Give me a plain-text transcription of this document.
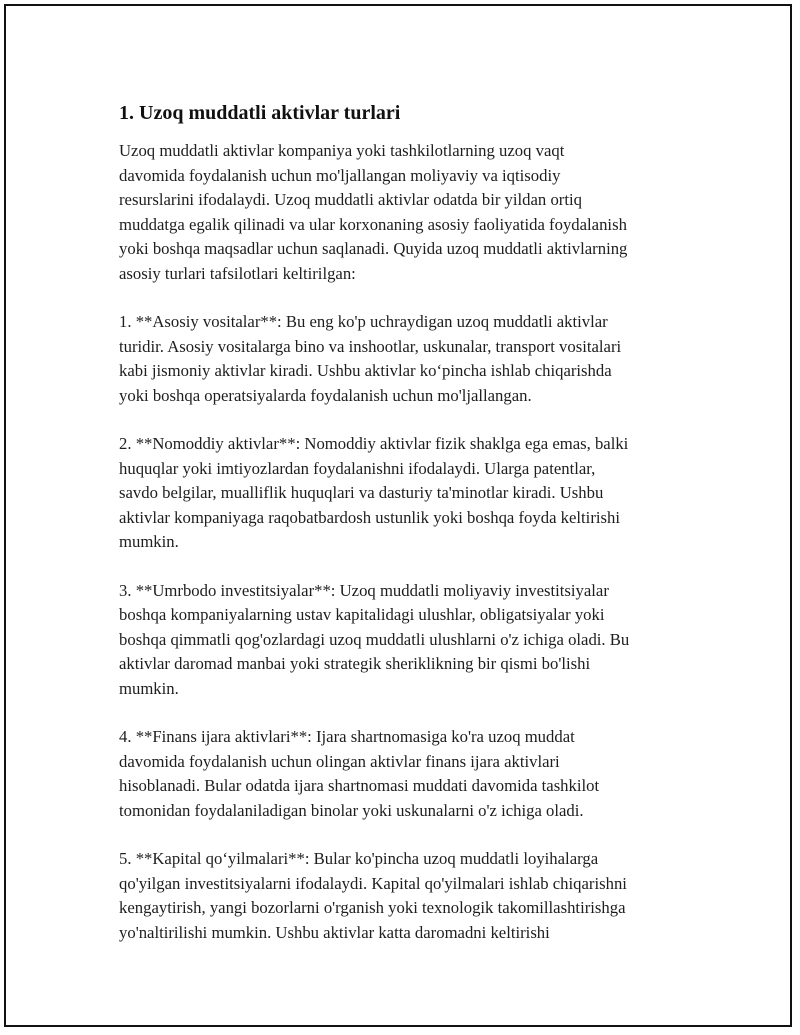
1. Uzoq muddatli aktivlar turlari

Uzoq muddatli aktivlar kompaniya yoki tashkilotlarning uzoq vaqt
davomida foydalanish uchun mo'ljallangan moliyaviy va iqtisodiy
resurslarini ifodalaydi. Uzoq muddatli aktivlar odatda bir yildan ortiq
muddatga egalik qilinadi va ular korxonaning asosiy faoliyatida foydalanish
yoki boshqa maqsadlar uchun saqlanadi. Quyida uzoq muddatli aktivlarning
asosiy turlari tafsilotlari keltirilgan:

1. **Asosiy vositalar**: Bu eng ko'p uchraydigan uzoq muddatli aktivlar
turidir. Asosiy vositalarga bino va inshootlar, uskunalar, transport vositalari
kabi jismoniy aktivlar kiradi. Ushbu aktivlar ko‘pincha ishlab chiqarishda
yoki boshqa operatsiyalarda foydalanish uchun mo'ljallangan.

2. **Nomoddiy aktivlar**: Nomoddiy aktivlar fizik shaklga ega emas, balki
huquqlar yoki imtiyozlardan foydalanishni ifodalaydi. Ularga patentlar,
savdo belgilar, mualliflik huquqlari va dasturiy ta'minotlar kiradi. Ushbu
aktivlar kompaniyaga raqobatbardosh ustunlik yoki boshqa foyda keltirishi
mumkin.

3. **Umrbodo investitsiyalar**: Uzoq muddatli moliyaviy investitsiyalar
boshqa kompaniyalarning ustav kapitalidagi ulushlar, obligatsiyalar yoki
boshqa qimmatli qog'ozlardagi uzoq muddatli ulushlarni o'z ichiga oladi. Bu
aktivlar daromad manbai yoki strategik sheriklikning bir qismi bo'lishi
mumkin.

4. **Finans ijara aktivlari**: Ijara shartnomasiga ko'ra uzoq muddat
davomida foydalanish uchun olingan aktivlar finans ijara aktivlari
hisoblanadi. Bular odatda ijara shartnomasi muddati davomida tashkilot
tomonidan foydalaniladigan binolar yoki uskunalarni o'z ichiga oladi.

5. **Kapital qo‘yilmalari**: Bular ko'pincha uzoq muddatli loyihalarga
qo'yilgan investitsiyalarni ifodalaydi. Kapital qo'yilmalari ishlab chiqarishni
kengaytirish, yangi bozorlarni o'rganish yoki texnologik takomillashtirishga
yo'naltirilishi mumkin. Ushbu aktivlar katta daromadni keltirishi
